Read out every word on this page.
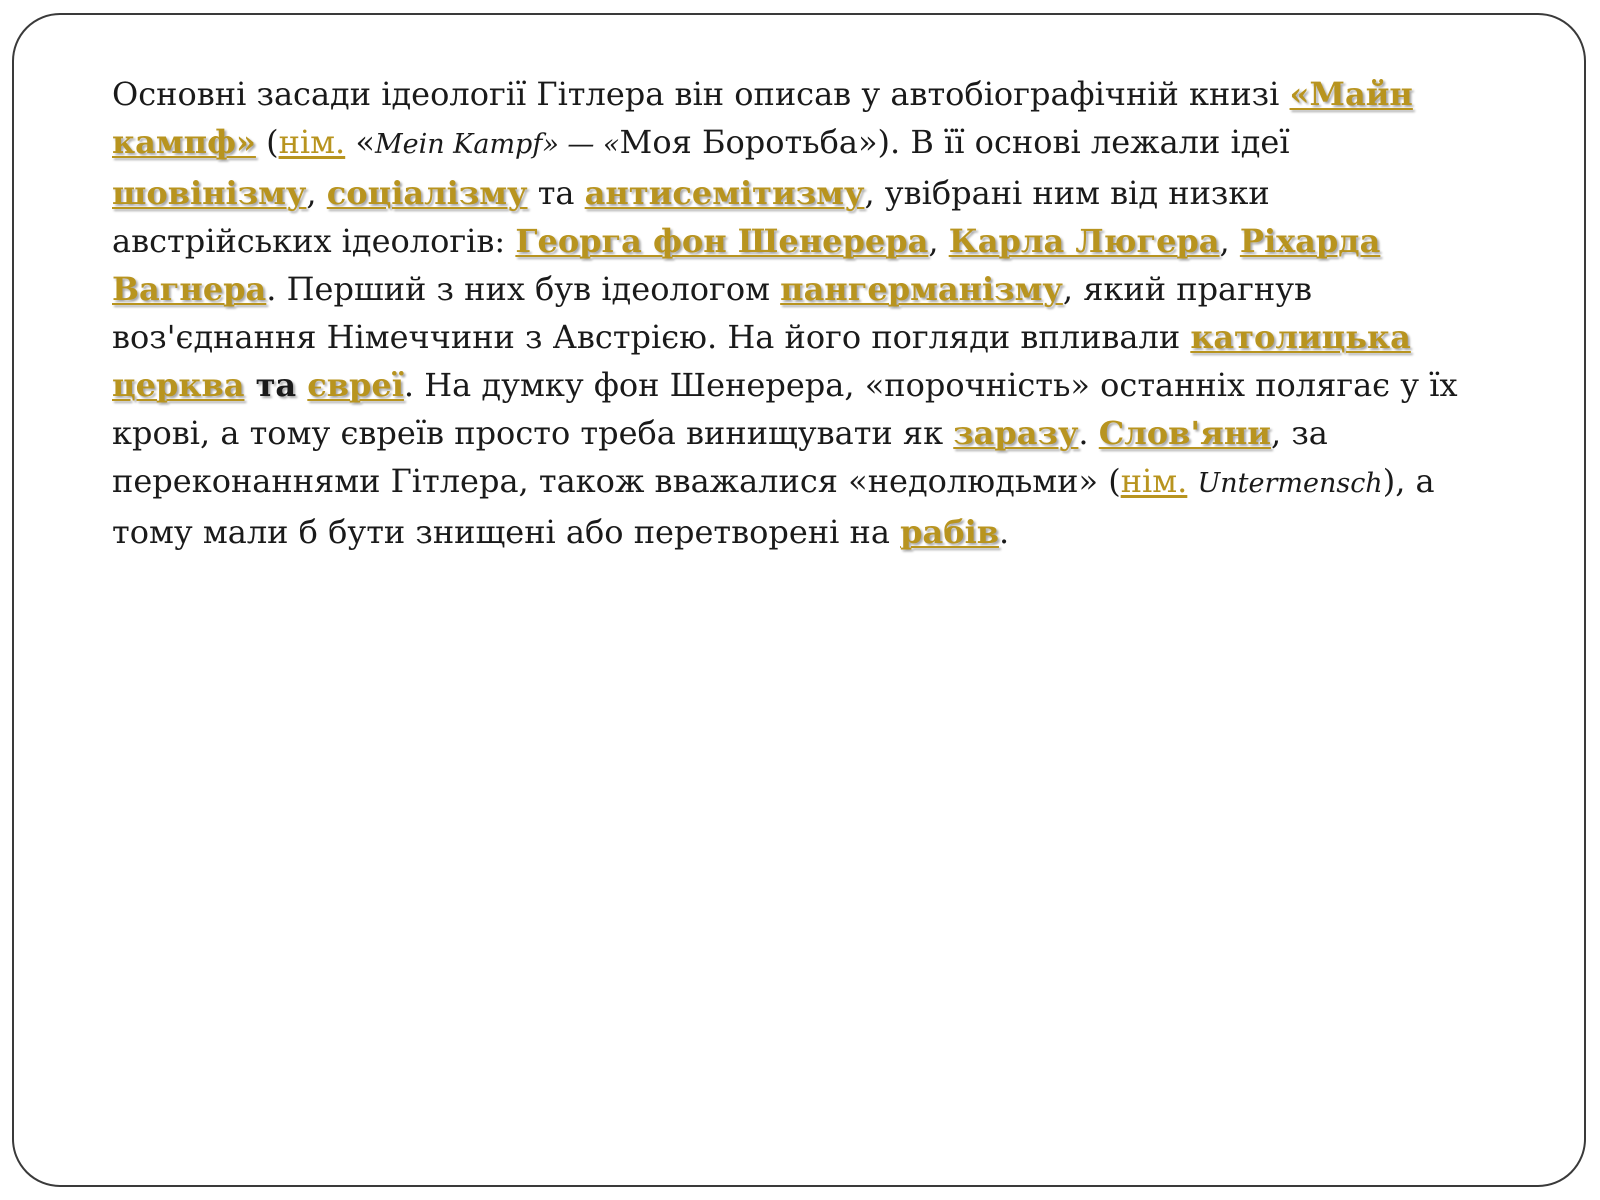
Основні засади ідеології Гітлера він описав у автобіографічній книзі «Майн кампф» (нім. «Mein Kampf» — «Моя Боротьба»). В її основі лежали ідеї шовінізму, соціалізму та антисемітизму, увібрані ним від низки австрійських ідеологів: Георга фон Шенерера, Карла Люгера, Ріхарда Вагнера. Перший з них був ідеологом пангерманізму, який прагнув воз'єднання Німеччини з Австрією. На його погляди впливали католицька церква та євреї. На думку фон Шенерера, «порочність» останніх полягає у їх крові, а тому євреїв просто треба винищувати як заразу. Слов'яни, за переконаннями Гітлера, також вважалися «недолюдьми» (нім. Untermensch), а тому мали б бути знищені або перетворені на рабів.
